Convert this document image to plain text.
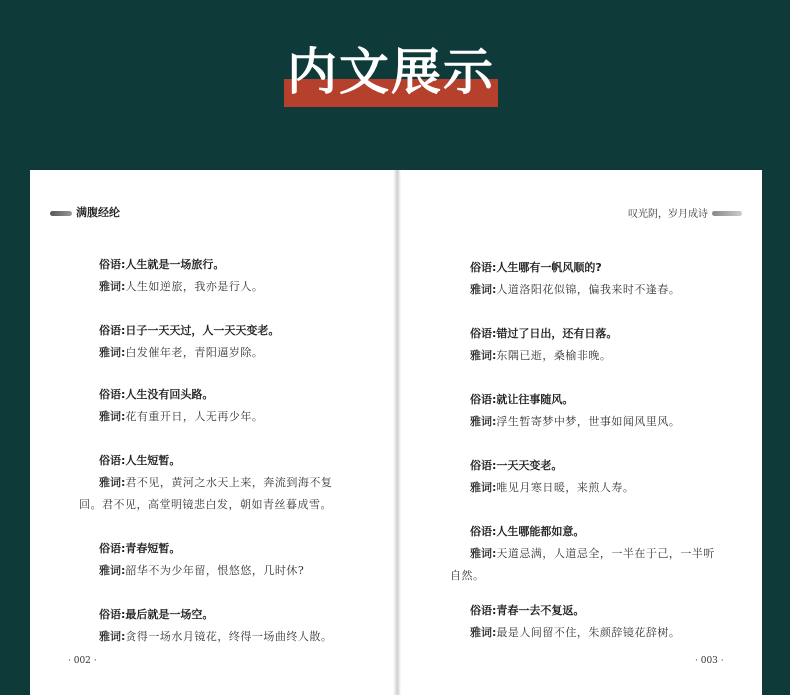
内文展示
满腹经纶	叹光阴，岁月成诗
俗语:人生就是一场旅行。
雅词:人生如逆旅，我亦是行人。
俗语:日子一天天过，人一天天变老。
雅词:白发催年老，青阳逼岁除。
俗语:人生没有回头路。
雅词:花有重开日，人无再少年。
俗语:人生短暂。
雅词:君不见，黄河之水天上来，奔流到海不复
回。君不见，高堂明镜悲白发，朝如青丝暮成雪。
俗语:青春短暂。
雅词:韶华不为少年留，恨悠悠，几时休?
俗语:最后就是一场空。
雅词:贪得一场水月镜花，终得一场曲终人散。
· 002 ·
俗语:人生哪有一帆风顺的?
雅词:人道洛阳花似锦，偏我来时不逢春。
俗语:错过了日出，还有日落。
雅词:东隅已逝，桑榆非晚。
俗语:就让往事随风。
雅词:浮生暂寄梦中梦，世事如闻风里风。
俗语:一天天变老。
雅词:唯见月寒日暖，来煎人寿。
俗语:人生哪能都如意。
雅词:天道忌满，人道忌全，一半在于己，一半听
自然。
俗语:青春一去不复返。
雅词:最是人间留不住，朱颜辞镜花辞树。
· 003 ·
